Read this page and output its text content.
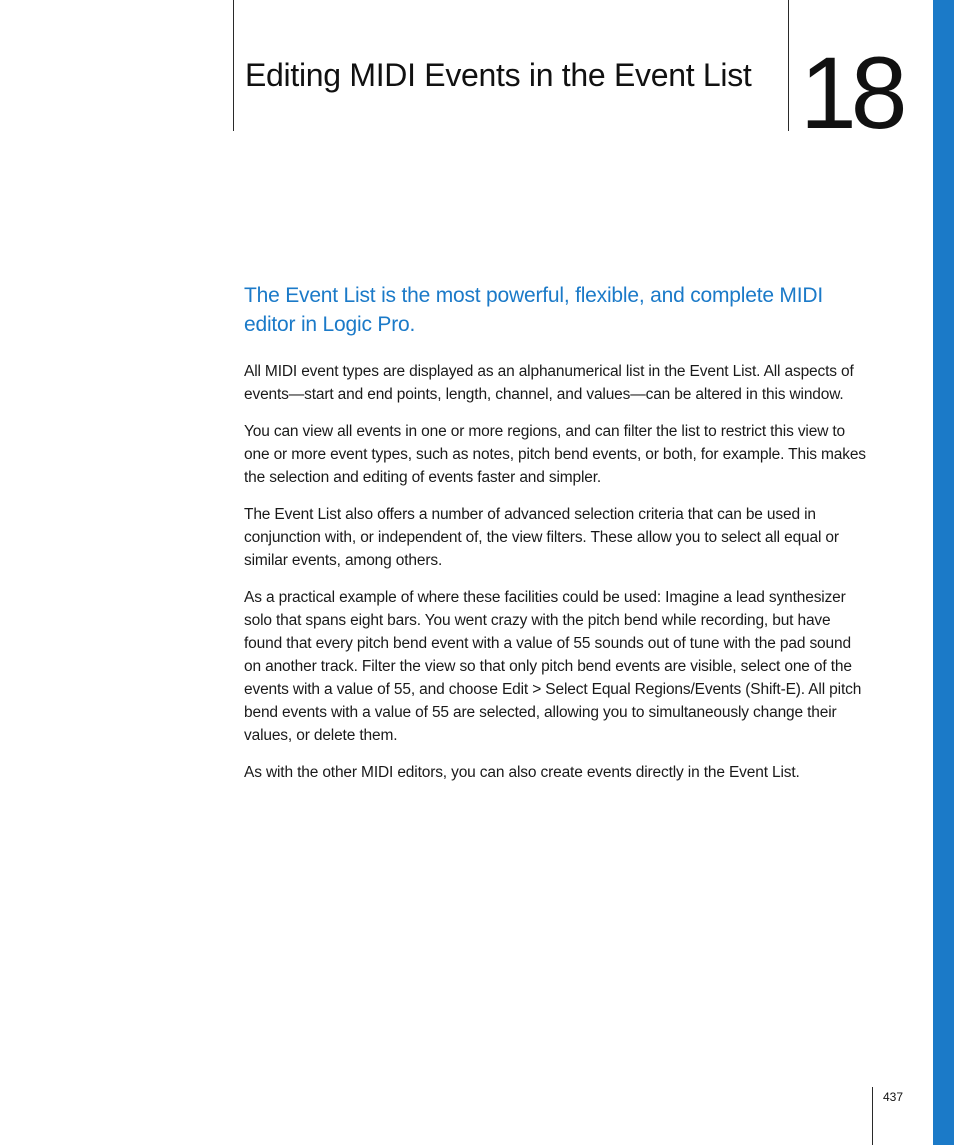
Editing MIDI Events in the Event List 18
The Event List is the most powerful, flexible, and complete MIDI editor in Logic Pro.

All MIDI event types are displayed as an alphanumerical list in the Event List. All aspects of events—start and end points, length, channel, and values—can be altered in this window.

You can view all events in one or more regions, and can filter the list to restrict this view to one or more event types, such as notes, pitch bend events, or both, for example. This makes the selection and editing of events faster and simpler.

The Event List also offers a number of advanced selection criteria that can be used in conjunction with, or independent of, the view filters. These allow you to select all equal or similar events, among others.

As a practical example of where these facilities could be used: Imagine a lead synthesizer solo that spans eight bars. You went crazy with the pitch bend while recording, but have found that every pitch bend event with a value of 55 sounds out of tune with the pad sound on another track. Filter the view so that only pitch bend events are visible, select one of the events with a value of 55, and choose Edit > Select Equal Regions/Events (Shift-E). All pitch bend events with a value of 55 are selected, allowing you to simultaneously change their values, or delete them.

As with the other MIDI editors, you can also create events directly in the Event List.

437
